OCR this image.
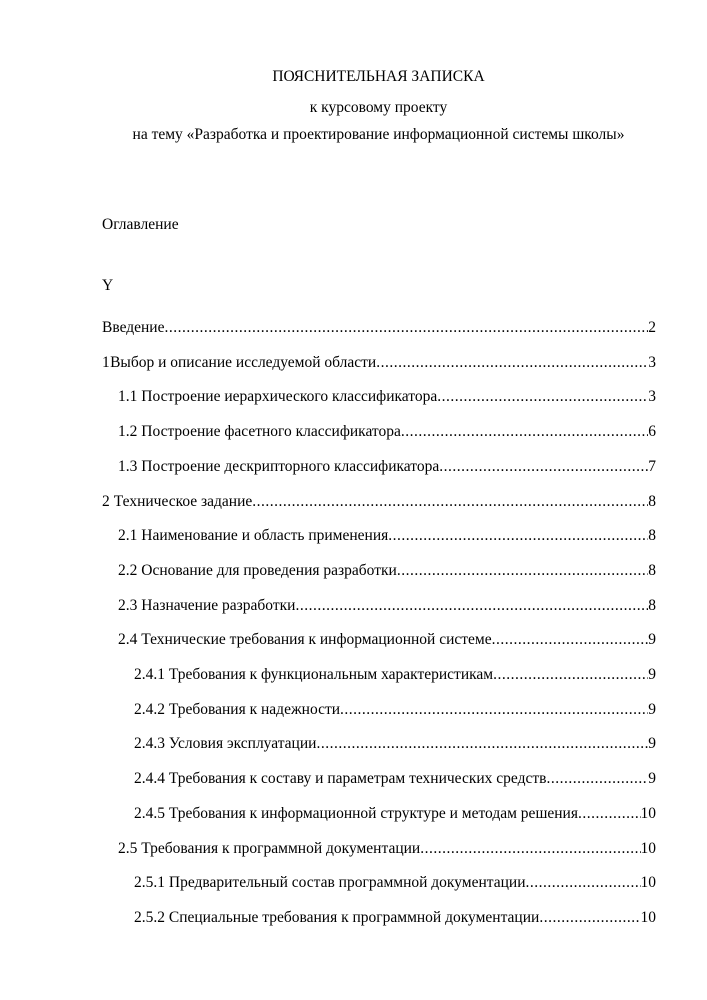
ПОЯСНИТЕЛЬНАЯ ЗАПИСКА
к курсовому проекту
на тему «Разработка и проектирование информационной системы школы»
Оглавление
Y
Введение .....	2
1 Выбор и описание исследуемой области .....	3
1.1 Построение иерархического классификатора .....	3
1.2 Построение фасетного классификатора .....	6
1.3 Построение дескрипторного классификатора .....	7
2 Техническое задание .....	8
2.1 Наименование и область применения .....	8
2.2 Основание для проведения разработки .....	8
2.3 Назначение разработки .....	8
2.4 Технические требования к информационной системе .....	9
2.4.1 Требования к функциональным характеристикам .....	9
2.4.2 Требования к надежности .....	9
2.4.3 Условия эксплуатации .....	9
2.4.4 Требования к составу и параметрам технических средств .....	9
2.4.5 Требования к информационной структуре и методам решения .....	10
2.5 Требования к программной документации .....	10
2.5.1 Предварительный состав программной документации .....	10
2.5.2 Специальные требования к программной документации .....	10
